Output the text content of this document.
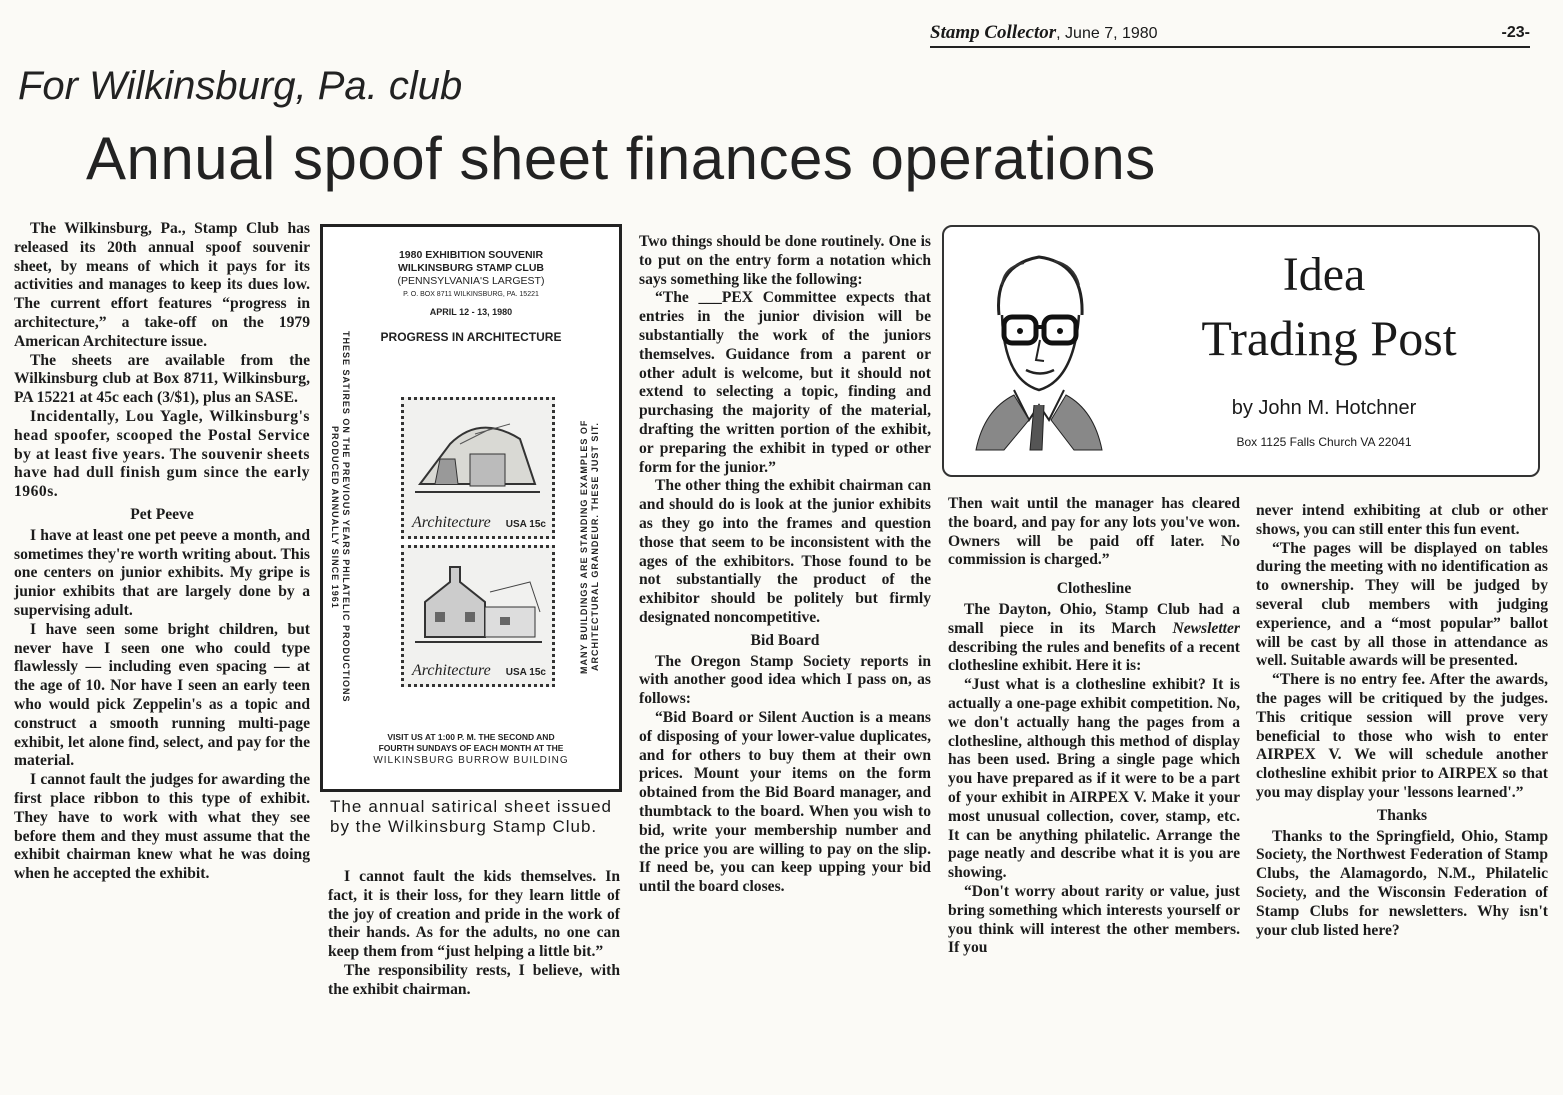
Stamp Collector, June 7, 1980	-23-
For Wilkinsburg, Pa. club
Annual spoof sheet finances operations

The Wilkinsburg, Pa., Stamp Club has released its 20th annual spoof souvenir sheet, by means of which it pays for its activities and manages to keep its dues low. The current effort features “progress in architecture,” a take-off on the 1979 American Architecture issue.

The sheets are available from the Wilkinsburg club at Box 8711, Wilkinsburg, PA 15221 at 45c each (3/$1), plus an SASE.

Incidentally, Lou Yagle, Wilkinsburg's head spoofer, scooped the Postal Service by at least five years. The souvenir sheets have had dull finish gum since the early 1960s.

Pet Peeve

I have at least one pet peeve a month, and sometimes they're worth writing about. This one centers on junior exhibits. My gripe is junior exhibits that are largely done by a supervising adult.

I have seen some bright children, but never have I seen one who could type flawlessly — including even spacing — at the age of 10. Nor have I seen an early teen who would pick Zeppelin's as a topic and construct a smooth running multi-page exhibit, let alone find, select, and pay for the material.

I cannot fault the judges for awarding the first place ribbon to this type of exhibit. They have to work with what they see before them and they must assume that the exhibit chairman knew what he was doing when he accepted the exhibit.

1980 EXHIBITION SOUVENIR
WILKINSBURG STAMP CLUB
(PENNSYLVANIA'S LARGEST)
P. O. BOX 8711 WILKINSBURG, PA. 15221
APRIL 12 - 13, 1980
PROGRESS IN ARCHITECTURE
THESE SATIRES ON THE PREVIOUS YEARS PHILATELIC PRODUCTIONS PRODUCED ANNUALLY SINCE 1961	MANY BUILDINGS ARE STANDING EXAMPLES OF ARCHITECTURAL GRANDEUR. THESE JUST SIT.
Architecture USA 15c
Architecture USA 15c
VISIT US AT 1:00 P. M. THE SECOND AND
FOURTH SUNDAYS OF EACH MONTH AT THE
WILKINSBURG BURROW BUILDING
The annual satirical sheet issued by the Wilkinsburg Stamp Club.

I cannot fault the kids themselves. In fact, it is their loss, for they learn little of the joy of creation and pride in the work of their hands. As for the adults, no one can keep them from “just helping a little bit.”

The responsibility rests, I believe, with the exhibit chairman.

Two things should be done routinely. One is to put on the entry form a notation which says something like the following:

“The ___PEX Committee expects that entries in the junior division will be substantially the work of the juniors themselves. Guidance from a parent or other adult is welcome, but it should not extend to selecting a topic, finding and purchasing the majority of the material, drafting the written portion of the exhibit, or preparing the exhibit in typed or other form for the junior.”

The other thing the exhibit chairman can and should do is look at the junior exhibits as they go into the frames and question those that seem to be inconsistent with the ages of the exhibitors. Those found to be not substantially the product of the exhibitor should be politely but firmly designated noncompetitive.

Bid Board

The Oregon Stamp Society reports in with another good idea which I pass on, as follows:

“Bid Board or Silent Auction is a means of disposing of your lower-value duplicates, and for others to buy them at their own prices. Mount your items on the form obtained from the Bid Board manager, and thumbtack to the board. When you wish to bid, write your membership number and the price you are willing to pay on the slip. If need be, you can keep upping your bid until the board closes.

Idea
Trading Post
by John M. Hotchner
Box 1125 Falls Church VA 22041

Then wait until the manager has cleared the board, and pay for any lots you've won. Owners will be paid off later. No commission is charged.”

Clothesline

The Dayton, Ohio, Stamp Club had a small piece in its March Newsletter describing the rules and benefits of a recent clothesline exhibit. Here it is:

“Just what is a clothesline exhibit? It is actually a one-page exhibit competition. No, we don't actually hang the pages from a clothesline, although this method of display has been used. Bring a single page which you have prepared as if it were to be a part of your exhibit in AIRPEX V. Make it your most unusual collection, cover, stamp, etc. It can be anything philatelic. Arrange the page neatly and describe what it is you are showing.

“Don't worry about rarity or value, just bring something which interests yourself or you think will interest the other members. If you

never intend exhibiting at club or other shows, you can still enter this fun event.

“The pages will be displayed on tables during the meeting with no identification as to ownership. They will be judged by several club members with judging experience, and a “most popular” ballot will be cast by all those in attendance as well. Suitable awards will be presented.

“There is no entry fee. After the awards, the pages will be critiqued by the judges. This critique session will prove very beneficial to those who wish to enter AIRPEX V. We will schedule another clothesline exhibit prior to AIRPEX so that you may display your 'lessons learned'.”

Thanks

Thanks to the Springfield, Ohio, Stamp Society, the Northwest Federation of Stamp Clubs, the Alamagordo, N.M., Philatelic Society, and the Wisconsin Federation of Stamp Clubs for newsletters. Why isn't your club listed here?
